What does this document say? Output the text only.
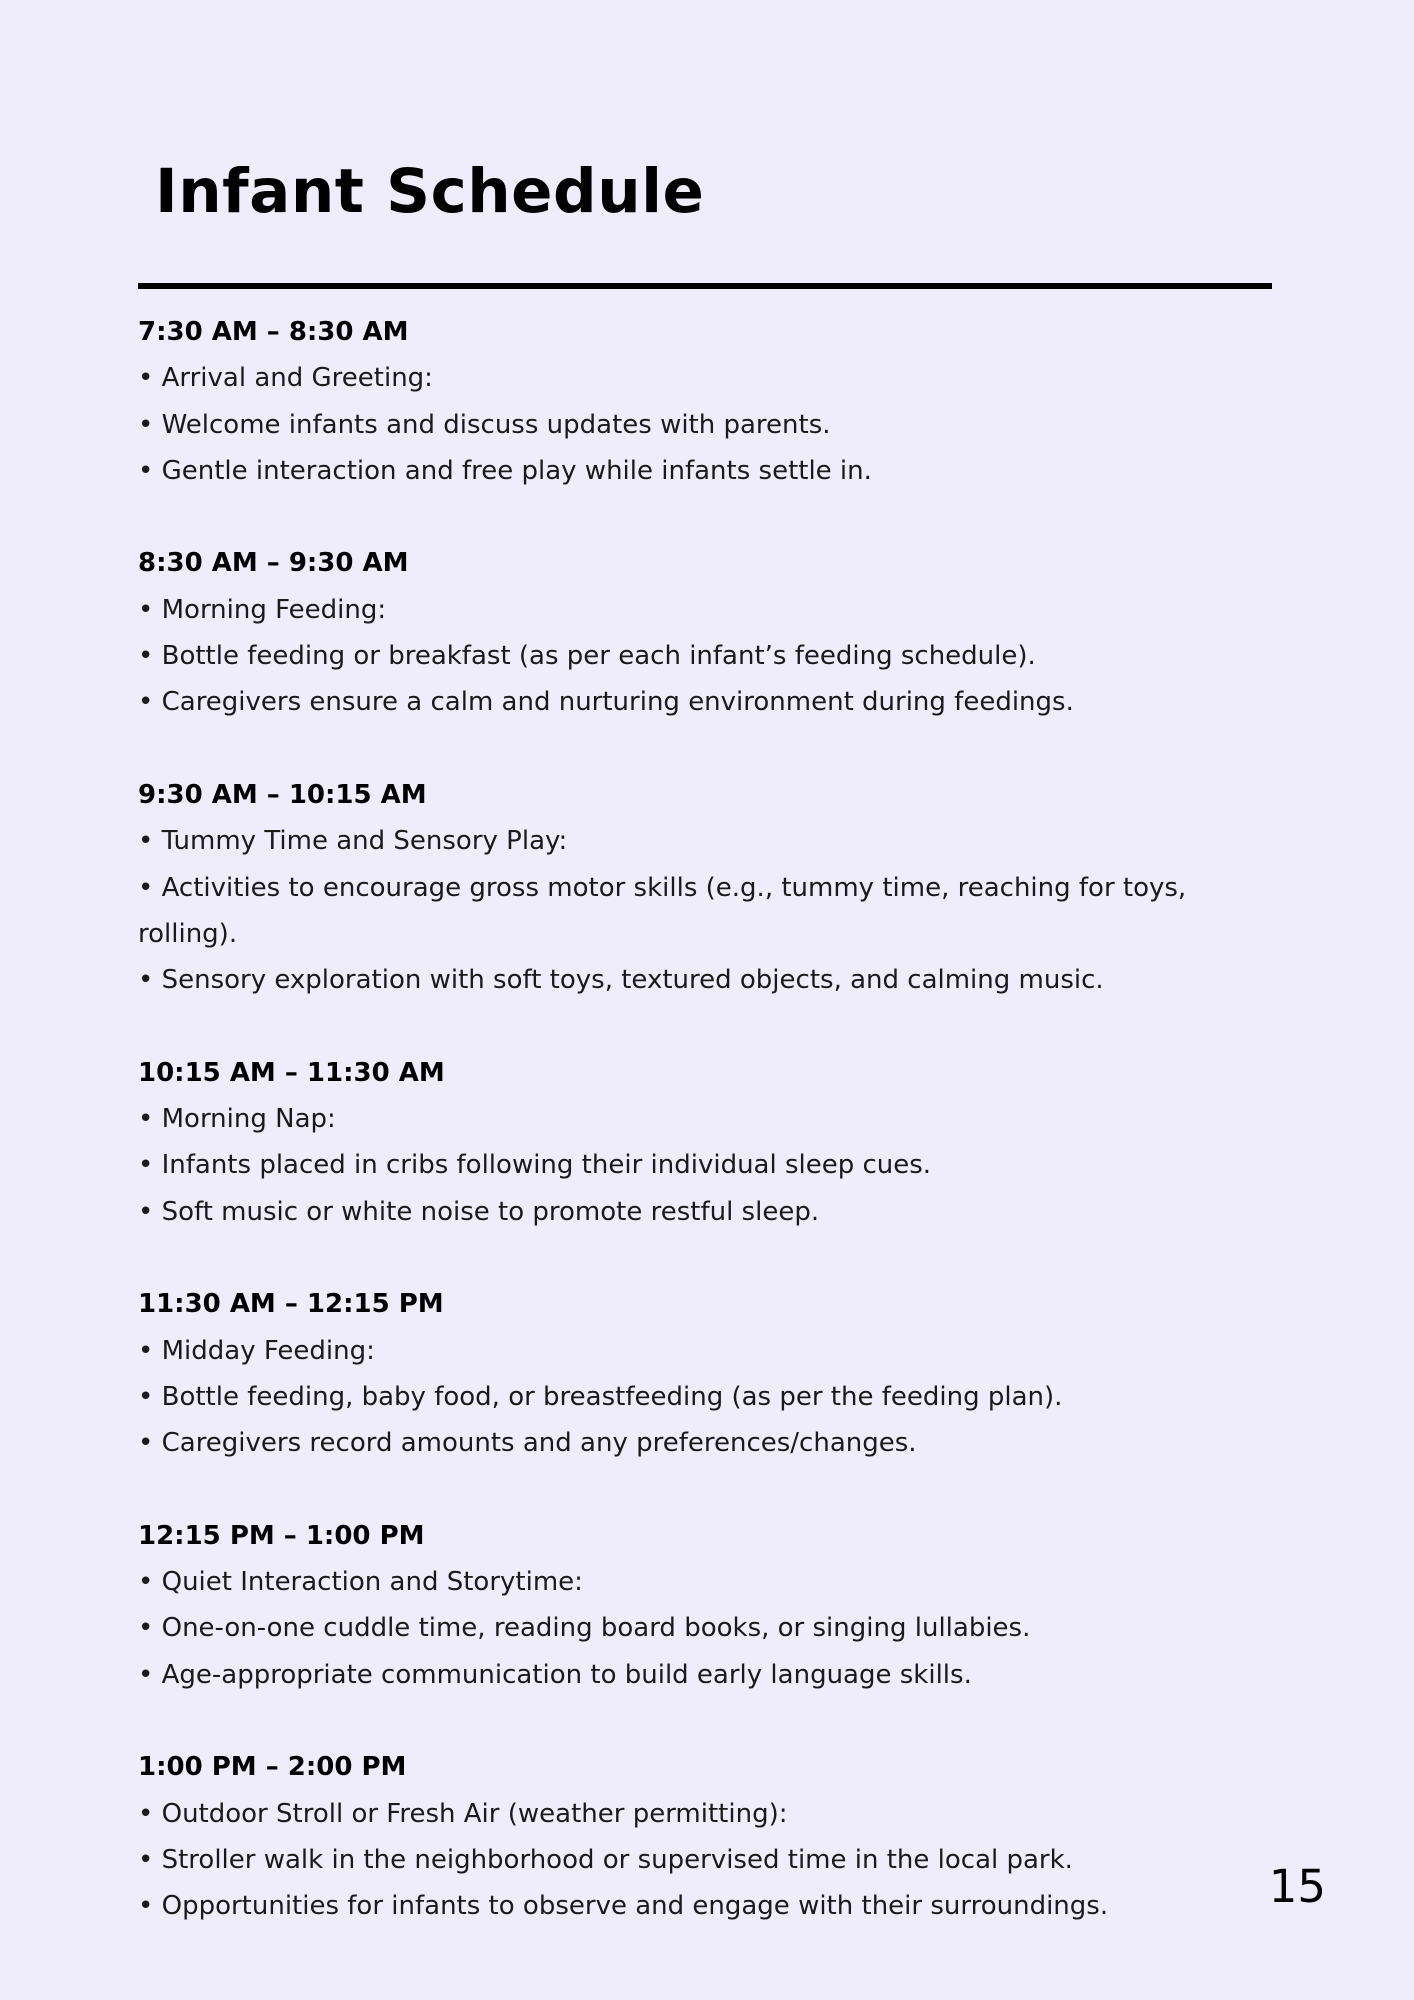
Infant Schedule
7:30 AM – 8:30 AM
• Arrival and Greeting:
• Welcome infants and discuss updates with parents.
• Gentle interaction and free play while infants settle in.
8:30 AM – 9:30 AM
• Morning Feeding:
• Bottle feeding or breakfast (as per each infant’s feeding schedule).
• Caregivers ensure a calm and nurturing environment during feedings.
9:30 AM – 10:15 AM
• Tummy Time and Sensory Play:
• Activities to encourage gross motor skills (e.g., tummy time, reaching for toys, rolling).
• Sensory exploration with soft toys, textured objects, and calming music.
10:15 AM – 11:30 AM
• Morning Nap:
• Infants placed in cribs following their individual sleep cues.
• Soft music or white noise to promote restful sleep.
11:30 AM – 12:15 PM
• Midday Feeding:
• Bottle feeding, baby food, or breastfeeding (as per the feeding plan).
• Caregivers record amounts and any preferences/changes.
12:15 PM – 1:00 PM
• Quiet Interaction and Storytime:
• One-on-one cuddle time, reading board books, or singing lullabies.
• Age-appropriate communication to build early language skills.
1:00 PM – 2:00 PM
• Outdoor Stroll or Fresh Air (weather permitting):
• Stroller walk in the neighborhood or supervised time in the local park.
• Opportunities for infants to observe and engage with their surroundings.	15
